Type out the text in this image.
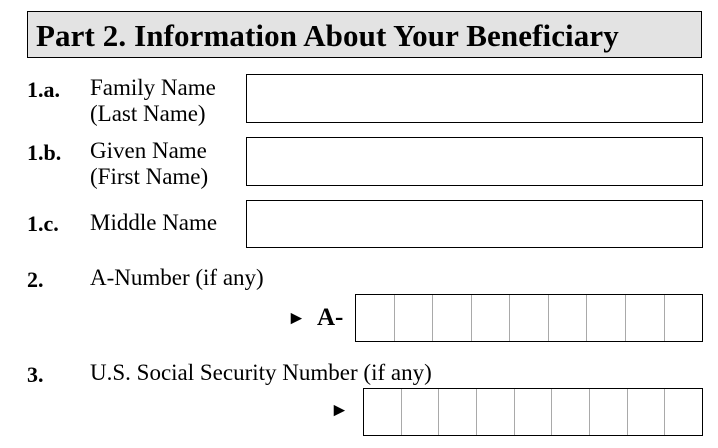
Part 2. Information About Your Beneficiary
1.a. Family Name
(Last Name)
1.b. Given Name
(First Name)
1.c. Middle Name
2. A-Number (if any)
► A-
3. U.S. Social Security Number (if any)
►
